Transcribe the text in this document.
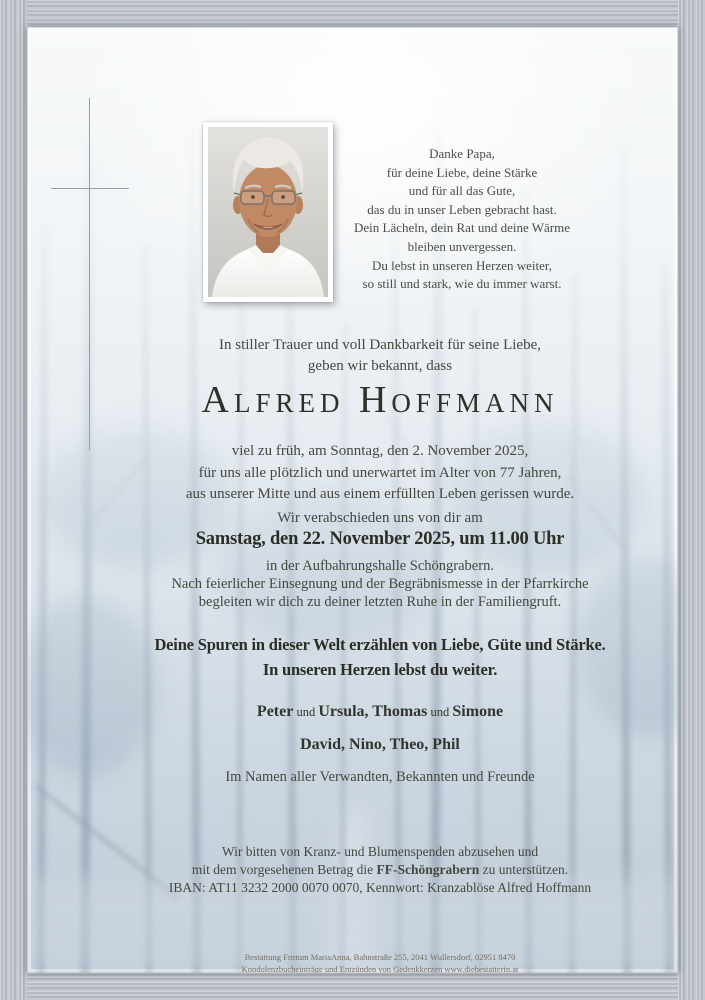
Danke Papa,
für deine Liebe, deine Stärke
und für all das Gute,
das du in unser Leben gebracht hast.
Dein Lächeln, dein Rat und deine Wärme
bleiben unvergessen.
Du lebst in unseren Herzen weiter,
so still und stark, wie du immer warst.
In stiller Trauer und voll Dankbarkeit für seine Liebe,
geben wir bekannt, dass
Alfred Hoffmann
viel zu früh, am Sonntag, den 2. November 2025,
für uns alle plötzlich und unerwartet im Alter von 77 Jahren,
aus unserer Mitte und aus einem erfüllten Leben gerissen wurde.
Wir verabschieden uns von dir am
Samstag, den 22. November 2025, um 11.00 Uhr
in der Aufbahrungshalle Schöngrabern.
Nach feierlicher Einsegnung und der Begräbnismesse in der Pfarrkirche
begleiten wir dich zu deiner letzten Ruhe in der Familiengruft.
Deine Spuren in dieser Welt erzählen von Liebe, Güte und Stärke.
In unseren Herzen lebst du weiter.
Peter und Ursula, Thomas und Simone
David, Nino, Theo, Phil
Im Namen aller Verwandten, Bekannten und Freunde
Wir bitten von Kranz- und Blumenspenden abzusehen und
mit dem vorgesehenen Betrag die FF-Schöngrabern zu unterstützen.
IBAN: AT11 3232 2000 0070 0070, Kennwort: Kranzablöse Alfred Hoffmann
Bestattung Frittum MariaAnna, Bahnstraße 255, 2041 Wullersdorf, 02951 8470
Kondolenzbucheinträge und Entzünden von Gedenkkerzen www.diebestatterin.at
